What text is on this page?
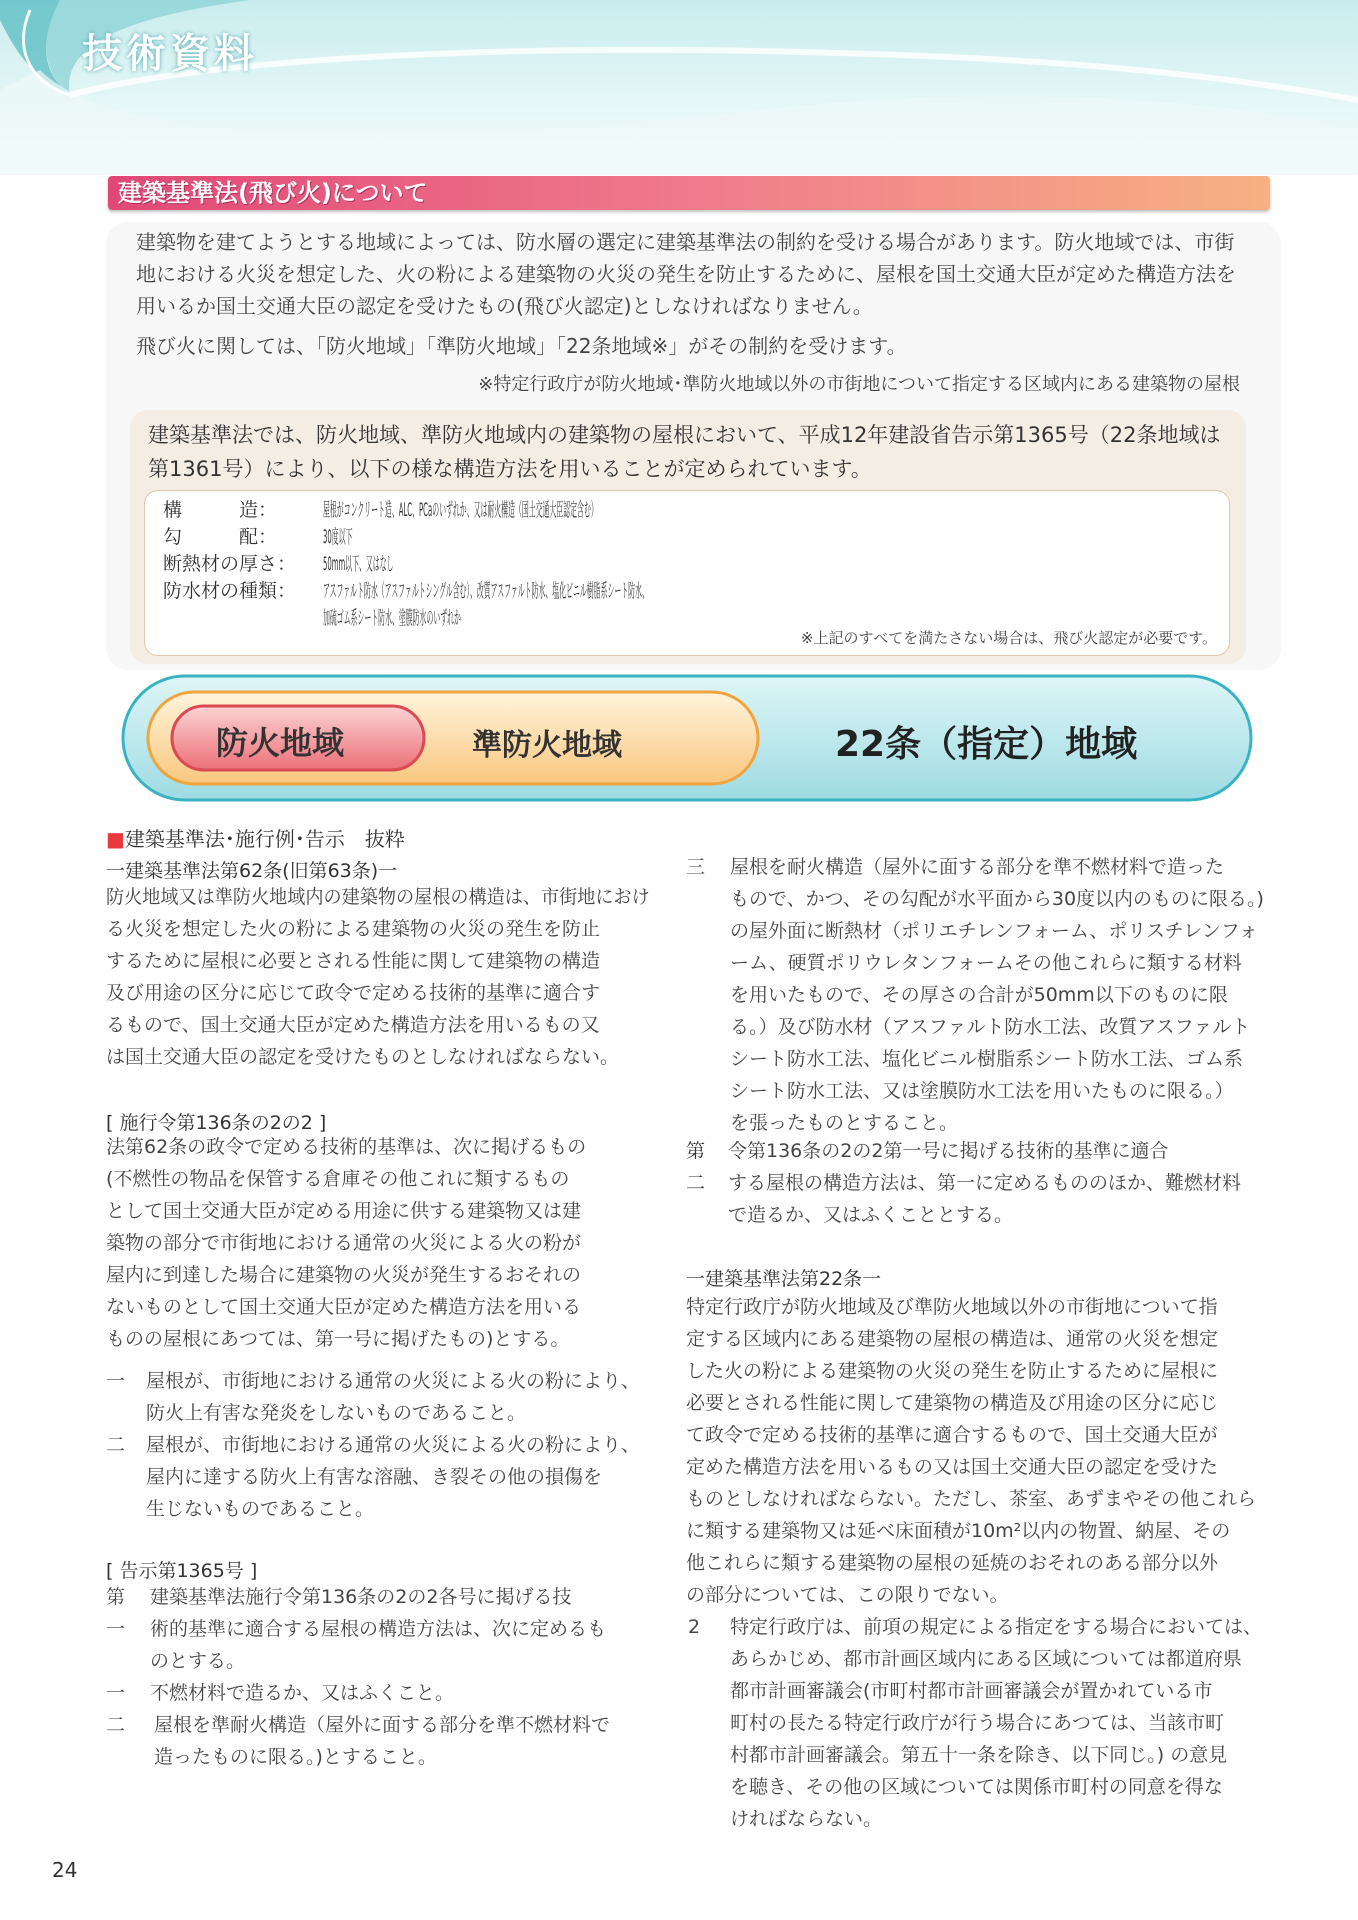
技術資料
建築基準法(飛び火)について

建築物を建てようとする地域によっては、防水層の選定に建築基準法の制約を受ける場合があります。防火地域では、市街地における火災を想定した、火の粉による建築物の火災の発生を防止するために、屋根を国土交通大臣が定めた構造方法を用いるか国土交通大臣の認定を受けたもの(飛び火認定)としなければなりません。

飛び火に関しては、「防火地域」「準防火地域」「22条地域※」がその制約を受けます。

※特定行政庁が防火地域･準防火地域以外の市街地について指定する区域内にある建築物の屋根

建築基準法では、防火地域、準防火地域内の建築物の屋根において、平成12年建設省告示第1365号（22条地域は第1361号）により、以下の様な構造方法を用いることが定められています。

構　　　造：	屋根がコンクリート造、ALC、PCaのいずれか、又は耐火構造（国土交通大臣認定含む）
勾　　　配：	30度以下
断熱材の厚さ：	50mm以下、又はなし
防水材の種類：	アスファルト防水（アスファルトシングル含む）、改質アスファルト防水、塩化ビニル樹脂系シート防水、
加硫ゴム系シート防水、塗膜防水のいずれか
※上記のすべてを満たさない場合は、飛び火認定が必要です。

防火地域	準防火地域	22条（指定）地域

■建築基準法･施行例･告示　抜粋

一建築基準法第62条(旧第63条)一

防火地域又は準防火地域内の建築物の屋根の構造は、市街地におけ

る火災を想定した火の粉による建築物の火災の発生を防止

するために屋根に必要とされる性能に関して建築物の構造

及び用途の区分に応じて政令で定める技術的基準に適合す

るもので、国土交通大臣が定めた構造方法を用いるもの又

は国土交通大臣の認定を受けたものとしなければならない。

[ 施行令第136条の2の2 ]

法第62条の政令で定める技術的基準は、次に掲げるもの

(不燃性の物品を保管する倉庫その他これに類するもの

として国土交通大臣が定める用途に供する建築物又は建

築物の部分で市街地における通常の火災による火の粉が

屋内に到達した場合に建築物の火災が発生するおそれの

ないものとして国土交通大臣が定めた構造方法を用いる

ものの屋根にあつては、第一号に掲げたもの)とする。

一 屋根が、市街地における通常の火災による火の粉により、
防火上有害な発炎をしないものであること。
二 屋根が、市街地における通常の火災による火の粉により、
屋内に達する防火上有害な溶融、き裂その他の損傷を
生じないものであること。

[ 告示第1365号 ]

第一
建築基準法施行令第136条の2の2各号に掲げる技
術的基準に適合する屋根の構造方法は、次に定めるも
のとする。
一 不燃材料で造るか、又はふくこと。
二 屋根を準耐火構造（屋外に面する部分を準不燃材料で
造ったものに限る。)とすること。
三 屋根を耐火構造（屋外に面する部分を準不燃材料で造った
もので、かつ、その勾配が水平面から30度以内のものに限る。)
の屋外面に断熱材（ポリエチレンフォーム、ポリスチレンフォ
ーム、硬質ポリウレタンフォームその他これらに類する材料
を用いたもので、その厚さの合計が50mm以下のものに限
る。）及び防水材（アスファルト防水工法、改質アスファルト
シート防水工法、塩化ビニル樹脂系シート防水工法、ゴム系
シート防水工法、又は塗膜防水工法を用いたものに限る。）
を張ったものとすること。
第二
令第136条の2の2第一号に掲げる技術的基準に適合
する屋根の構造方法は、第一に定めるもののほか、難燃材料
で造るか、又はふくこととする。

一建築基準法第22条一

特定行政庁が防火地域及び準防火地域以外の市街地について指

定する区域内にある建築物の屋根の構造は、通常の火災を想定

した火の粉による建築物の火災の発生を防止するために屋根に

必要とされる性能に関して建築物の構造及び用途の区分に応じ

て政令で定める技術的基準に適合するもので、国土交通大臣が

定めた構造方法を用いるもの又は国土交通大臣の認定を受けた

ものとしなければならない。ただし、茶室、あずまやその他これら

に類する建築物又は延べ床面積が10m²以内の物置、納屋、その

他これらに類する建築物の屋根の延焼のおそれのある部分以外

の部分については、この限りでない。

2 特定行政庁は、前項の規定による指定をする場合においては、
あらかじめ、都市計画区域内にある区域については都道府県
都市計画審議会(市町村都市計画審議会が置かれている市
町村の長たる特定行政庁が行う場合にあつては、当該市町
村都市計画審議会。第五十一条を除き、以下同じ。) の意見
を聴き、その他の区域については関係市町村の同意を得な
ければならない。

24
